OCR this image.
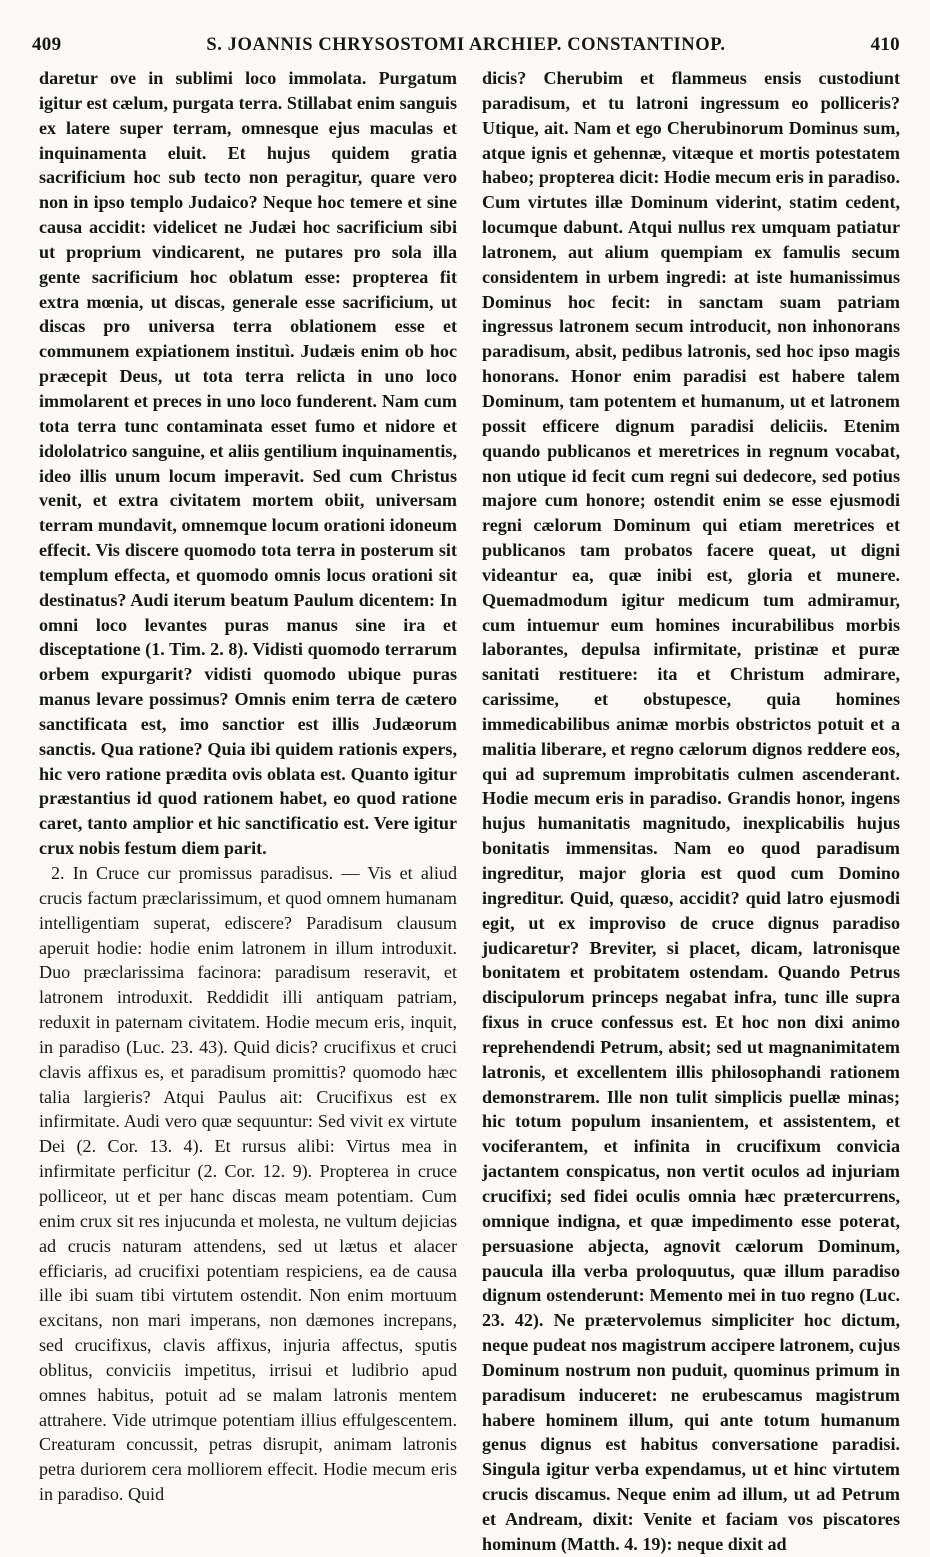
409	S. JOANNIS CHRYSOSTOMI ARCHIEP. CONSTANTINOP.	410

daretur ove in sublimi loco immolata. Purgatum igitur est cælum, purgata terra. Stillabat enim sanguis ex latere super terram, omnesque ejus maculas et inquinamenta eluit. Et hujus quidem gratia sacrificium hoc sub tecto non peragitur, quare vero non in ipso templo Judaico? Neque hoc temere et sine causa accidit: videlicet ne Judæi hoc sacrificium sibi ut proprium vindicarent, ne putares pro sola illa gente sacrificium hoc oblatum esse: propterea fit extra mœnia, ut discas, generale esse sacrificium, ut discas pro universa terra oblationem esse et communem expiationem instituì. Judæis enim ob hoc præcepit Deus, ut tota terra relicta in uno loco immolarent et preces in uno loco funderent. Nam cum tota terra tunc contaminata esset fumo et nidore et idololatrico sanguine, et aliis gentilium inquinamentis, ideo illis unum locum imperavit. Sed cum Christus venit, et extra civitatem mortem obiit, universam terram mundavit, omnemque locum orationi idoneum effecit. Vis discere quomodo tota terra in posterum sit templum effecta, et quomodo omnis locus orationi sit destinatus? Audi iterum beatum Paulum dicentem: In omni loco levantes puras manus sine ira et disceptatione (1. Tim. 2. 8). Vidisti quomodo terrarum orbem expurgarit? vidisti quomodo ubique puras manus levare possimus? Omnis enim terra de cætero sanctificata est, imo sanctior est illis Judæorum sanctis. Qua ratione? Quia ibi quidem rationis expers, hic vero ratione prædita ovis oblata est. Quanto igitur præstantius id quod rationem habet, eo quod ratione caret, tanto amplior et hic sanctificatio est. Vere igitur crux nobis festum diem parit.

2. In Cruce cur promissus paradisus. — Vis et aliud crucis factum præclarissimum, et quod omnem humanam intelligentiam superat, ediscere? Paradisum clausum aperuit hodie: hodie enim latronem in illum introduxit. Duo præclarissima facinora: paradisum reseravit, et latronem introduxit. Reddidit illi antiquam patriam, reduxit in paternam civitatem. Hodie mecum eris, inquit, in paradiso (Luc. 23. 43). Quid dicis? crucifixus et cruci clavis affixus es, et paradisum promittis? quomodo hæc talia largieris? Atqui Paulus ait: Crucifixus est ex infirmitate. Audi vero quæ sequuntur: Sed vivit ex virtute Dei (2. Cor. 13. 4). Et rursus alibi: Virtus mea in infirmitate perficitur (2. Cor. 12. 9). Propterea in cruce polliceor, ut et per hanc discas meam potentiam. Cum enim crux sit res injucunda et molesta, ne vultum dejicias ad crucis naturam attendens, sed ut lætus et alacer efficiaris, ad crucifixi potentiam respiciens, ea de causa ille ibi suam tibi virtutem ostendit. Non enim mortuum excitans, non mari imperans, non dæmones increpans, sed crucifixus, clavis affixus, injuria affectus, sputis oblitus, conviciis impetitus, irrisui et ludibrio apud omnes habitus, potuit ad se malam latronis mentem attrahere. Vide utrimque potentiam illius effulgescentem. Creaturam concussit, petras disrupit, animam latronis petra duriorem cera molliorem effecit. Hodie mecum eris in paradiso. Quid

dicis? Cherubim et flammeus ensis custodiunt paradisum, et tu latroni ingressum eo polliceris? Utique, ait. Nam et ego Cherubinorum Dominus sum, atque ignis et gehennæ, vitæque et mortis potestatem habeo; propterea dicit: Hodie mecum eris in paradiso. Cum virtutes illæ Dominum viderint, statim cedent, locumque dabunt. Atqui nullus rex umquam patiatur latronem, aut alium quempiam ex famulis secum considentem in urbem ingredi: at iste humanissimus Dominus hoc fecit: in sanctam suam patriam ingressus latronem secum introducit, non inhonorans paradisum, absit, pedibus latronis, sed hoc ipso magis honorans. Honor enim paradisi est habere talem Dominum, tam potentem et humanum, ut et latronem possit efficere dignum paradisi deliciis. Etenim quando publicanos et meretrices in regnum vocabat, non utique id fecit cum regni sui dedecore, sed potius majore cum honore; ostendit enim se esse ejusmodi regni cælorum Dominum qui etiam meretrices et publicanos tam probatos facere queat, ut digni videantur ea, quæ inibi est, gloria et munere. Quemadmodum igitur medicum tum admiramur, cum intuemur eum homines incurabilibus morbis laborantes, depulsa infirmitate, pristinæ et puræ sanitati restituere: ita et Christum admirare, carissime, et obstupesce, quia homines immedicabilibus animæ morbis obstrictos potuit et a malitia liberare, et regno cælorum dignos reddere eos, qui ad supremum improbitatis culmen ascenderant. Hodie mecum eris in paradiso. Grandis honor, ingens hujus humanitatis magnitudo, inexplicabilis hujus bonitatis immensitas. Nam eo quod paradisum ingreditur, major gloria est quod cum Domino ingreditur. Quid, quæso, accidit? quid latro ejusmodi egit, ut ex improviso de cruce dignus paradiso judicaretur? Breviter, si placet, dicam, latronisque bonitatem et probitatem ostendam. Quando Petrus discipulorum princeps negabat infra, tunc ille supra fixus in cruce confessus est. Et hoc non dixi animo reprehendendi Petrum, absit; sed ut magnanimitatem latronis, et excellentem illis philosophandi rationem demonstrarem. Ille non tulit simplicis puellæ minas; hic totum populum insanientem, et assistentem, et vociferantem, et infinita in crucifixum convicia jactantem conspicatus, non vertit oculos ad injuriam crucifixi; sed fidei oculis omnia hæc prætercurrens, omnique indigna, et quæ impedimento esse poterat, persuasione abjecta, agnovit cælorum Dominum, paucula illa verba proloquutus, quæ illum paradiso dignum ostenderunt: Memento mei in tuo regno (Luc. 23. 42). Ne prætervolemus simpliciter hoc dictum, neque pudeat nos magistrum accipere latronem, cujus Dominum nostrum non puduit, quominus primum in paradisum induceret: ne erubescamus magistrum habere hominem illum, qui ante totum humanum genus dignus est habitus conversatione paradisi. Singula igitur verba expendamus, ut et hinc virtutem crucis discamus. Neque enim ad illum, ut ad Petrum et Andream, dixit: Venite et faciam vos piscatores hominum (Matth. 4. 19): neque dixit ad
